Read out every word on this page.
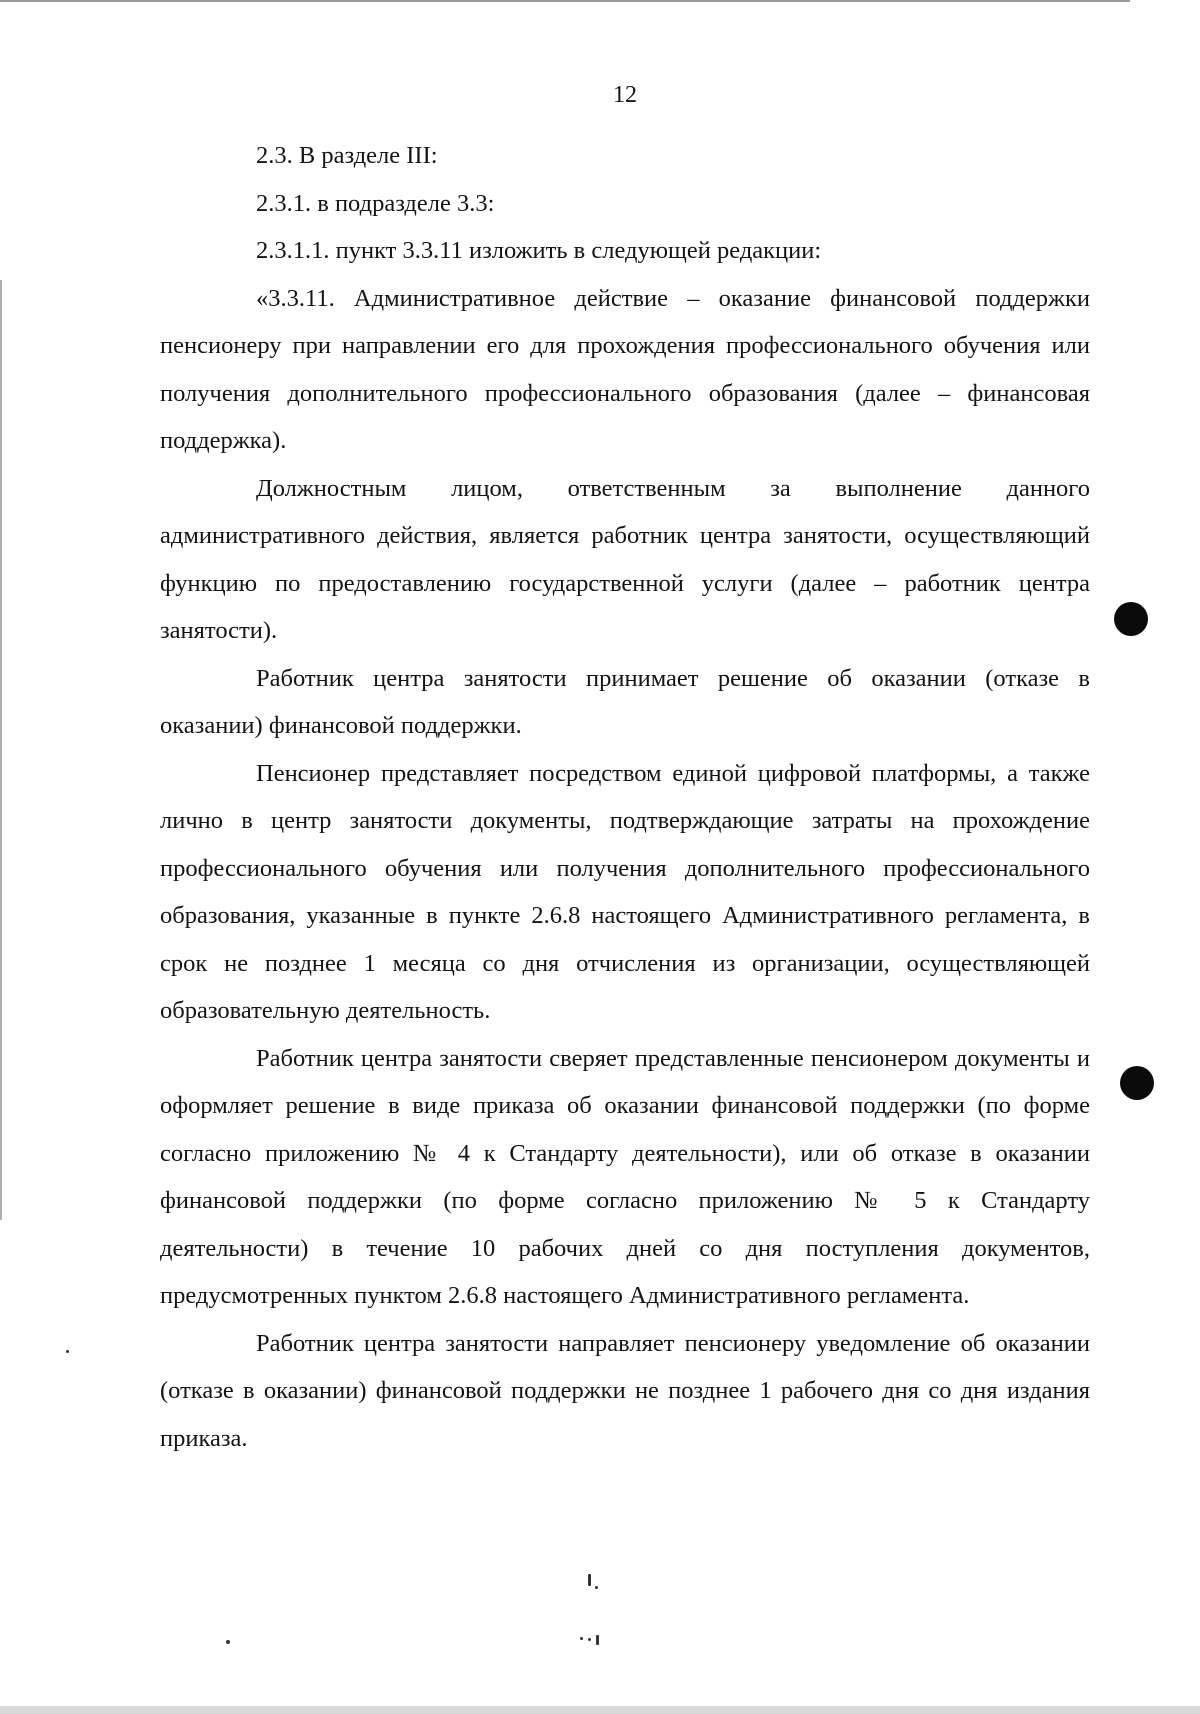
12

2.3. В разделе III:

2.3.1. в подразделе 3.3:

2.3.1.1. пункт 3.3.11 изложить в следующей редакции:

«3.3.11. Административное действие – оказание финансовой поддержки пенсионеру при направлении его для прохождения профессионального обучения или получения дополнительного профессионального образования (далее – финансовая поддержка).

Должностным лицом, ответственным за выполнение данного административного действия, является работник центра занятости, осуществляющий функцию по предоставлению государственной услуги (далее – работник центра занятости).

Работник центра занятости принимает решение об оказании (отказе в оказании) финансовой поддержки.

Пенсионер представляет посредством единой цифровой платформы, а также лично в центр занятости документы, подтверждающие затраты на прохождение профессионального обучения или получения дополнительного профессионального образования, указанные в пункте 2.6.8 настоящего Административного регламента, в срок не позднее 1 месяца со дня отчисления из организации, осуществляющей образовательную деятельность.

Работник центра занятости сверяет представленные пенсионером документы и оформляет решение в виде приказа об оказании финансовой поддержки (по форме согласно приложению № 4 к Стандарту деятельности), или об отказе в оказании финансовой поддержки (по форме согласно приложению № 5 к Стандарту деятельности) в течение 10 рабочих дней со дня поступления документов, предусмотренных пунктом 2.6.8 настоящего Административного регламента.

Работник центра занятости направляет пенсионеру уведомление об оказании (отказе в оказании) финансовой поддержки не позднее 1 рабочего дня со дня издания приказа.
